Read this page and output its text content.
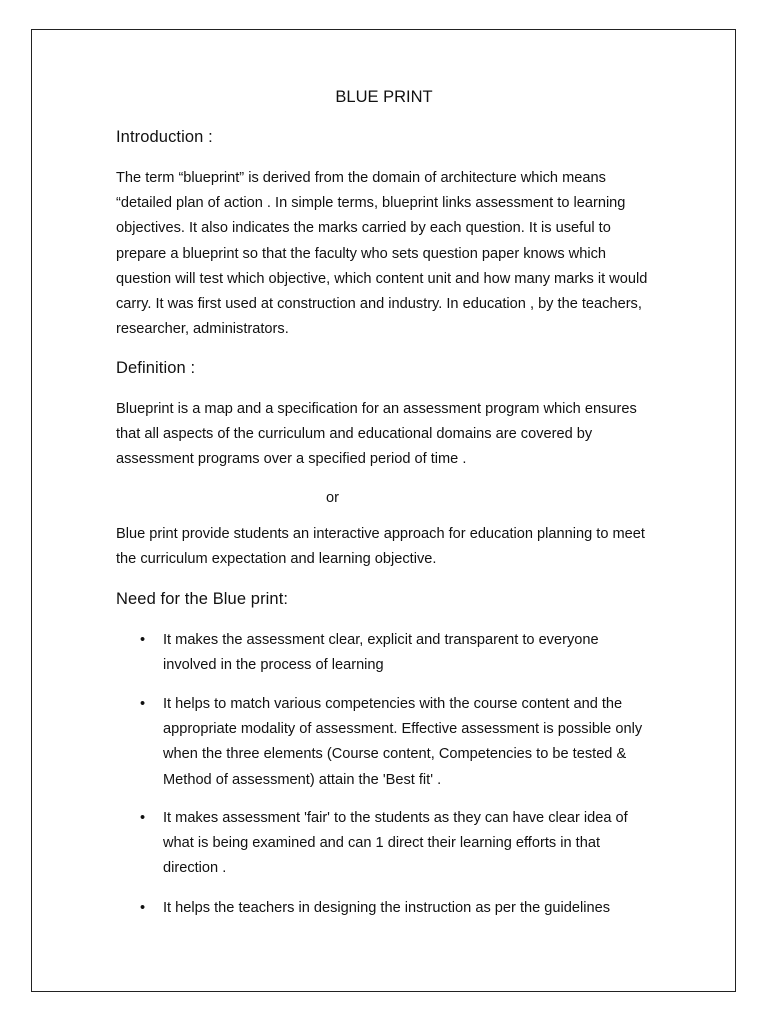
BLUE PRINT
Introduction :

The term “blueprint” is derived from the domain of architecture which means “detailed plan of action . In simple terms, blueprint links assessment to learning objectives. It also indicates the marks carried by each question. It is useful to prepare a blueprint so that the faculty who sets question paper knows which question will test which objective, which content unit and how many marks it would carry. It was first used at construction and industry. In education , by the teachers, researcher, administrators.

Definition :

Blueprint is a map and a specification for an assessment program which ensures that all aspects of the curriculum and educational domains are covered by assessment programs over a specified period of time .

or

Blue print provide students an interactive approach for education planning to meet the curriculum expectation and learning objective.

Need for the Blue print:
• It makes the assessment clear, explicit and transparent to everyone involved in the process of learning

• It helps to match various competencies with the course content and the appropriate modality of assessment. Effective assessment is possible only when the three elements (Course content, Competencies to be tested & Method of assessment) attain the 'Best fit' .

• It makes assessment 'fair' to the students as they can have clear idea of what is being examined and can 1 direct their learning efforts in that direction .

• It helps the teachers in designing the instruction as per the guidelines
